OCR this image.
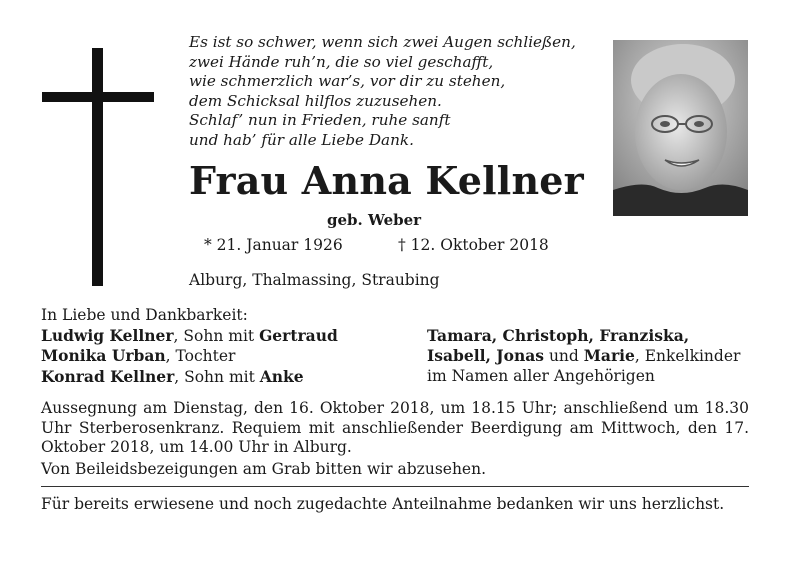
Es ist so schwer, wenn sich zwei Augen schließen,
zwei Hände ruh’n, die so viel geschafft,
wie schmerzlich war’s, vor dir zu stehen,
dem Schicksal hilflos zuzusehen.
Schlaf’ nun in Frieden, ruhe sanft
und hab’ für alle Liebe Dank.
Frau Anna Kellner
geb. Weber
* 21. Januar 1926	† 12. Oktober 2018
Alburg, Thalmassing, Straubing
In Liebe und Dankbarkeit:
Ludwig Kellner, Sohn mit Gertraud
Monika Urban, Tochter
Konrad Kellner, Sohn mit Anke
Tamara, Christoph, Franziska,
Isabell, Jonas und Marie, Enkelkinder
im Namen aller Angehörigen
Aussegnung am Dienstag, den 16. Oktober 2018, um 18.15 Uhr; anschließend um 18.30 Uhr Sterberosenkranz. Requiem mit anschließender Beerdigung am Mittwoch, den 17. Oktober 2018, um 14.00 Uhr in Alburg.
Von Beileidsbezeigungen am Grab bitten wir abzusehen.
Für bereits erwiesene und noch zugedachte Anteilnahme bedanken wir uns herzlichst.
